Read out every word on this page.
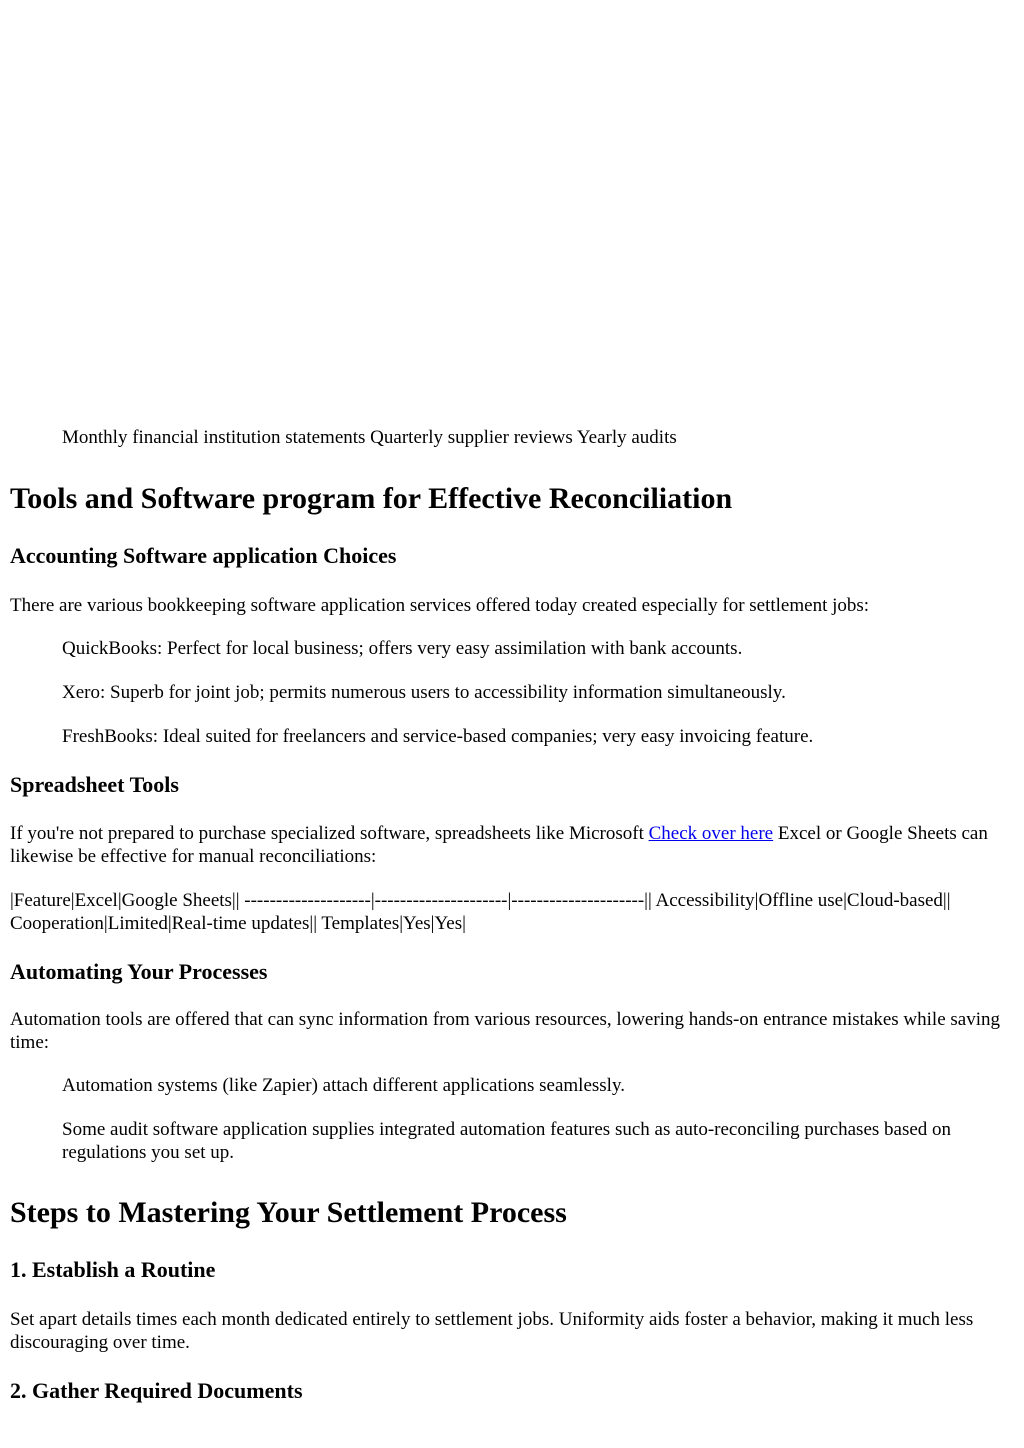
Monthly financial institution statements Quarterly supplier reviews Yearly audits

Tools and Software program for Effective Reconciliation
Accounting Software application Choices

There are various bookkeeping software application services offered today created especially for settlement jobs:

QuickBooks: Perfect for local business; offers very easy assimilation with bank accounts.

Xero: Superb for joint job; permits numerous users to accessibility information simultaneously.

FreshBooks: Ideal suited for freelancers and service-based companies; very easy invoicing feature.

Spreadsheet Tools

If you're not prepared to purchase specialized software, spreadsheets like Microsoft Check over here Excel or Google Sheets can likewise be effective for manual reconciliations:

|Feature|Excel|Google Sheets|| --------------------|---------------------|---------------------|| Accessibility|Offline use|Cloud-based|| Cooperation|Limited|Real-time updates|| Templates|Yes|Yes|

Automating Your Processes

Automation tools are offered that can sync information from various resources, lowering hands-on entrance mistakes while saving time:

Automation systems (like Zapier) attach different applications seamlessly.

Some audit software application supplies integrated automation features such as auto-reconciling purchases based on regulations you set up.

Steps to Mastering Your Settlement Process
1. Establish a Routine

Set apart details times each month dedicated entirely to settlement jobs. Uniformity aids foster a behavior, making it much less discouraging over time.

2. Gather Required Documents
